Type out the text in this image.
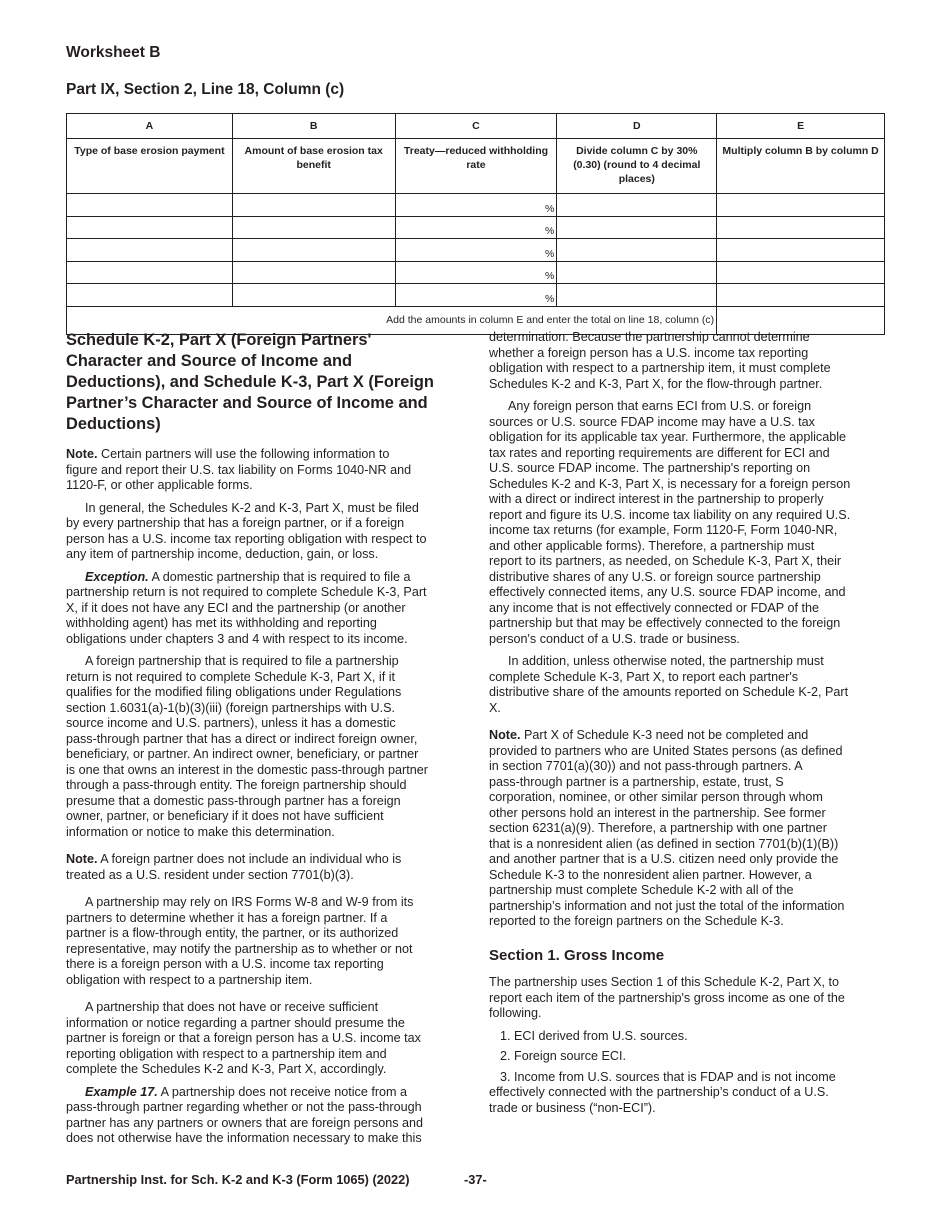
Worksheet B
Part IX, Section 2, Line 18, Column (c)
A	B	C	D	E
Type of base erosion payment	Amount of base erosion tax benefit	Treaty—reduced withholding rate	Divide column C by 30% (0.30) (round to 4 decimal places)	Multiply column B by column D
		%		
		%		
		%		
		%		
		%		
Add the amounts in column E and enter the total on line 18, column (c)				
Schedule K-2, Part X (Foreign Partners'
Character and Source of Income and
Deductions), and Schedule K-3, Part X (Foreign
Partner’s Character and Source of Income and
Deductions)

Note. Certain partners will use the following information to
figure and report their U.S. tax liability on Forms 1040-NR and
1120-F, or other applicable forms.

In general, the Schedules K-2 and K-3, Part X, must be filed
by every partnership that has a foreign partner, or if a foreign
person has a U.S. income tax reporting obligation with respect to
any item of partnership income, deduction, gain, or loss.

Exception. A domestic partnership that is required to file a
partnership return is not required to complete Schedule K-3, Part
X, if it does not have any ECI and the partnership (or another
withholding agent) has met its withholding and reporting
obligations under chapters 3 and 4 with respect to its income.

A foreign partnership that is required to file a partnership
return is not required to complete Schedule K-3, Part X, if it
qualifies for the modified filing obligations under Regulations
section 1.6031(a)-1(b)(3)(iii) (foreign partnerships with U.S.
source income and U.S. partners), unless it has a domestic
pass-through partner that has a direct or indirect foreign owner,
beneficiary, or partner. An indirect owner, beneficiary, or partner
is one that owns an interest in the domestic pass-through partner
through a pass-through entity. The foreign partnership should
presume that a domestic pass-through partner has a foreign
owner, partner, or beneficiary if it does not have sufficient
information or notice to make this determination.

Note. A foreign partner does not include an individual who is
treated as a U.S. resident under section 7701(b)(3).

A partnership may rely on IRS Forms W-8 and W-9 from its
partners to determine whether it has a foreign partner. If a
partner is a flow-through entity, the partner, or its authorized
representative, may notify the partnership as to whether or not
there is a foreign person with a U.S. income tax reporting
obligation with respect to a partnership item.

A partnership that does not have or receive sufficient
information or notice regarding a partner should presume the
partner is foreign or that a foreign person has a U.S. income tax
reporting obligation with respect to a partnership item and
complete the Schedules K-2 and K-3, Part X, accordingly.

Example 17. A partnership does not receive notice from a
pass-through partner regarding whether or not the pass-through
partner has any partners or owners that are foreign persons and
does not otherwise have the information necessary to make this

determination. Because the partnership cannot determine
whether a foreign person has a U.S. income tax reporting
obligation with respect to a partnership item, it must complete
Schedules K-2 and K-3, Part X, for the flow-through partner.

Any foreign person that earns ECI from U.S. or foreign
sources or U.S. source FDAP income may have a U.S. tax
obligation for its applicable tax year. Furthermore, the applicable
tax rates and reporting requirements are different for ECI and
U.S. source FDAP income. The partnership's reporting on
Schedules K-2 and K-3, Part X, is necessary for a foreign person
with a direct or indirect interest in the partnership to properly
report and figure its U.S. income tax liability on any required U.S.
income tax returns (for example, Form 1120-F, Form 1040-NR,
and other applicable forms). Therefore, a partnership must
report to its partners, as needed, on Schedule K-3, Part X, their
distributive shares of any U.S. or foreign source partnership
effectively connected items, any U.S. source FDAP income, and
any income that is not effectively connected or FDAP of the
partnership but that may be effectively connected to the foreign
person's conduct of a U.S. trade or business.

In addition, unless otherwise noted, the partnership must
complete Schedule K-3, Part X, to report each partner's
distributive share of the amounts reported on Schedule K-2, Part
X.

Note. Part X of Schedule K-3 need not be completed and
provided to partners who are United States persons (as defined
in section 7701(a)(30)) and not pass-through partners. A
pass-through partner is a partnership, estate, trust, S
corporation, nominee, or other similar person through whom
other persons hold an interest in the partnership. See former
section 6231(a)(9). Therefore, a partnership with one partner
that is a nonresident alien (as defined in section 7701(b)(1)(B))
and another partner that is a U.S. citizen need only provide the
Schedule K-3 to the nonresident alien partner. However, a
partnership must complete Schedule K-2 with all of the
partnership’s information and not just the total of the information
reported to the foreign partners on the Schedule K-3.

Section 1. Gross Income

The partnership uses Section 1 of this Schedule K-2, Part X, to
report each item of the partnership's gross income as one of the
following.

1. ECI derived from U.S. sources.

2. Foreign source ECI.

3. Income from U.S. sources that is FDAP and is not income
effectively connected with the partnership’s conduct of a U.S.
trade or business (“non-ECI”).

Partnership Inst. for Sch. K-2 and K-3 (Form 1065) (2022)	-37-
